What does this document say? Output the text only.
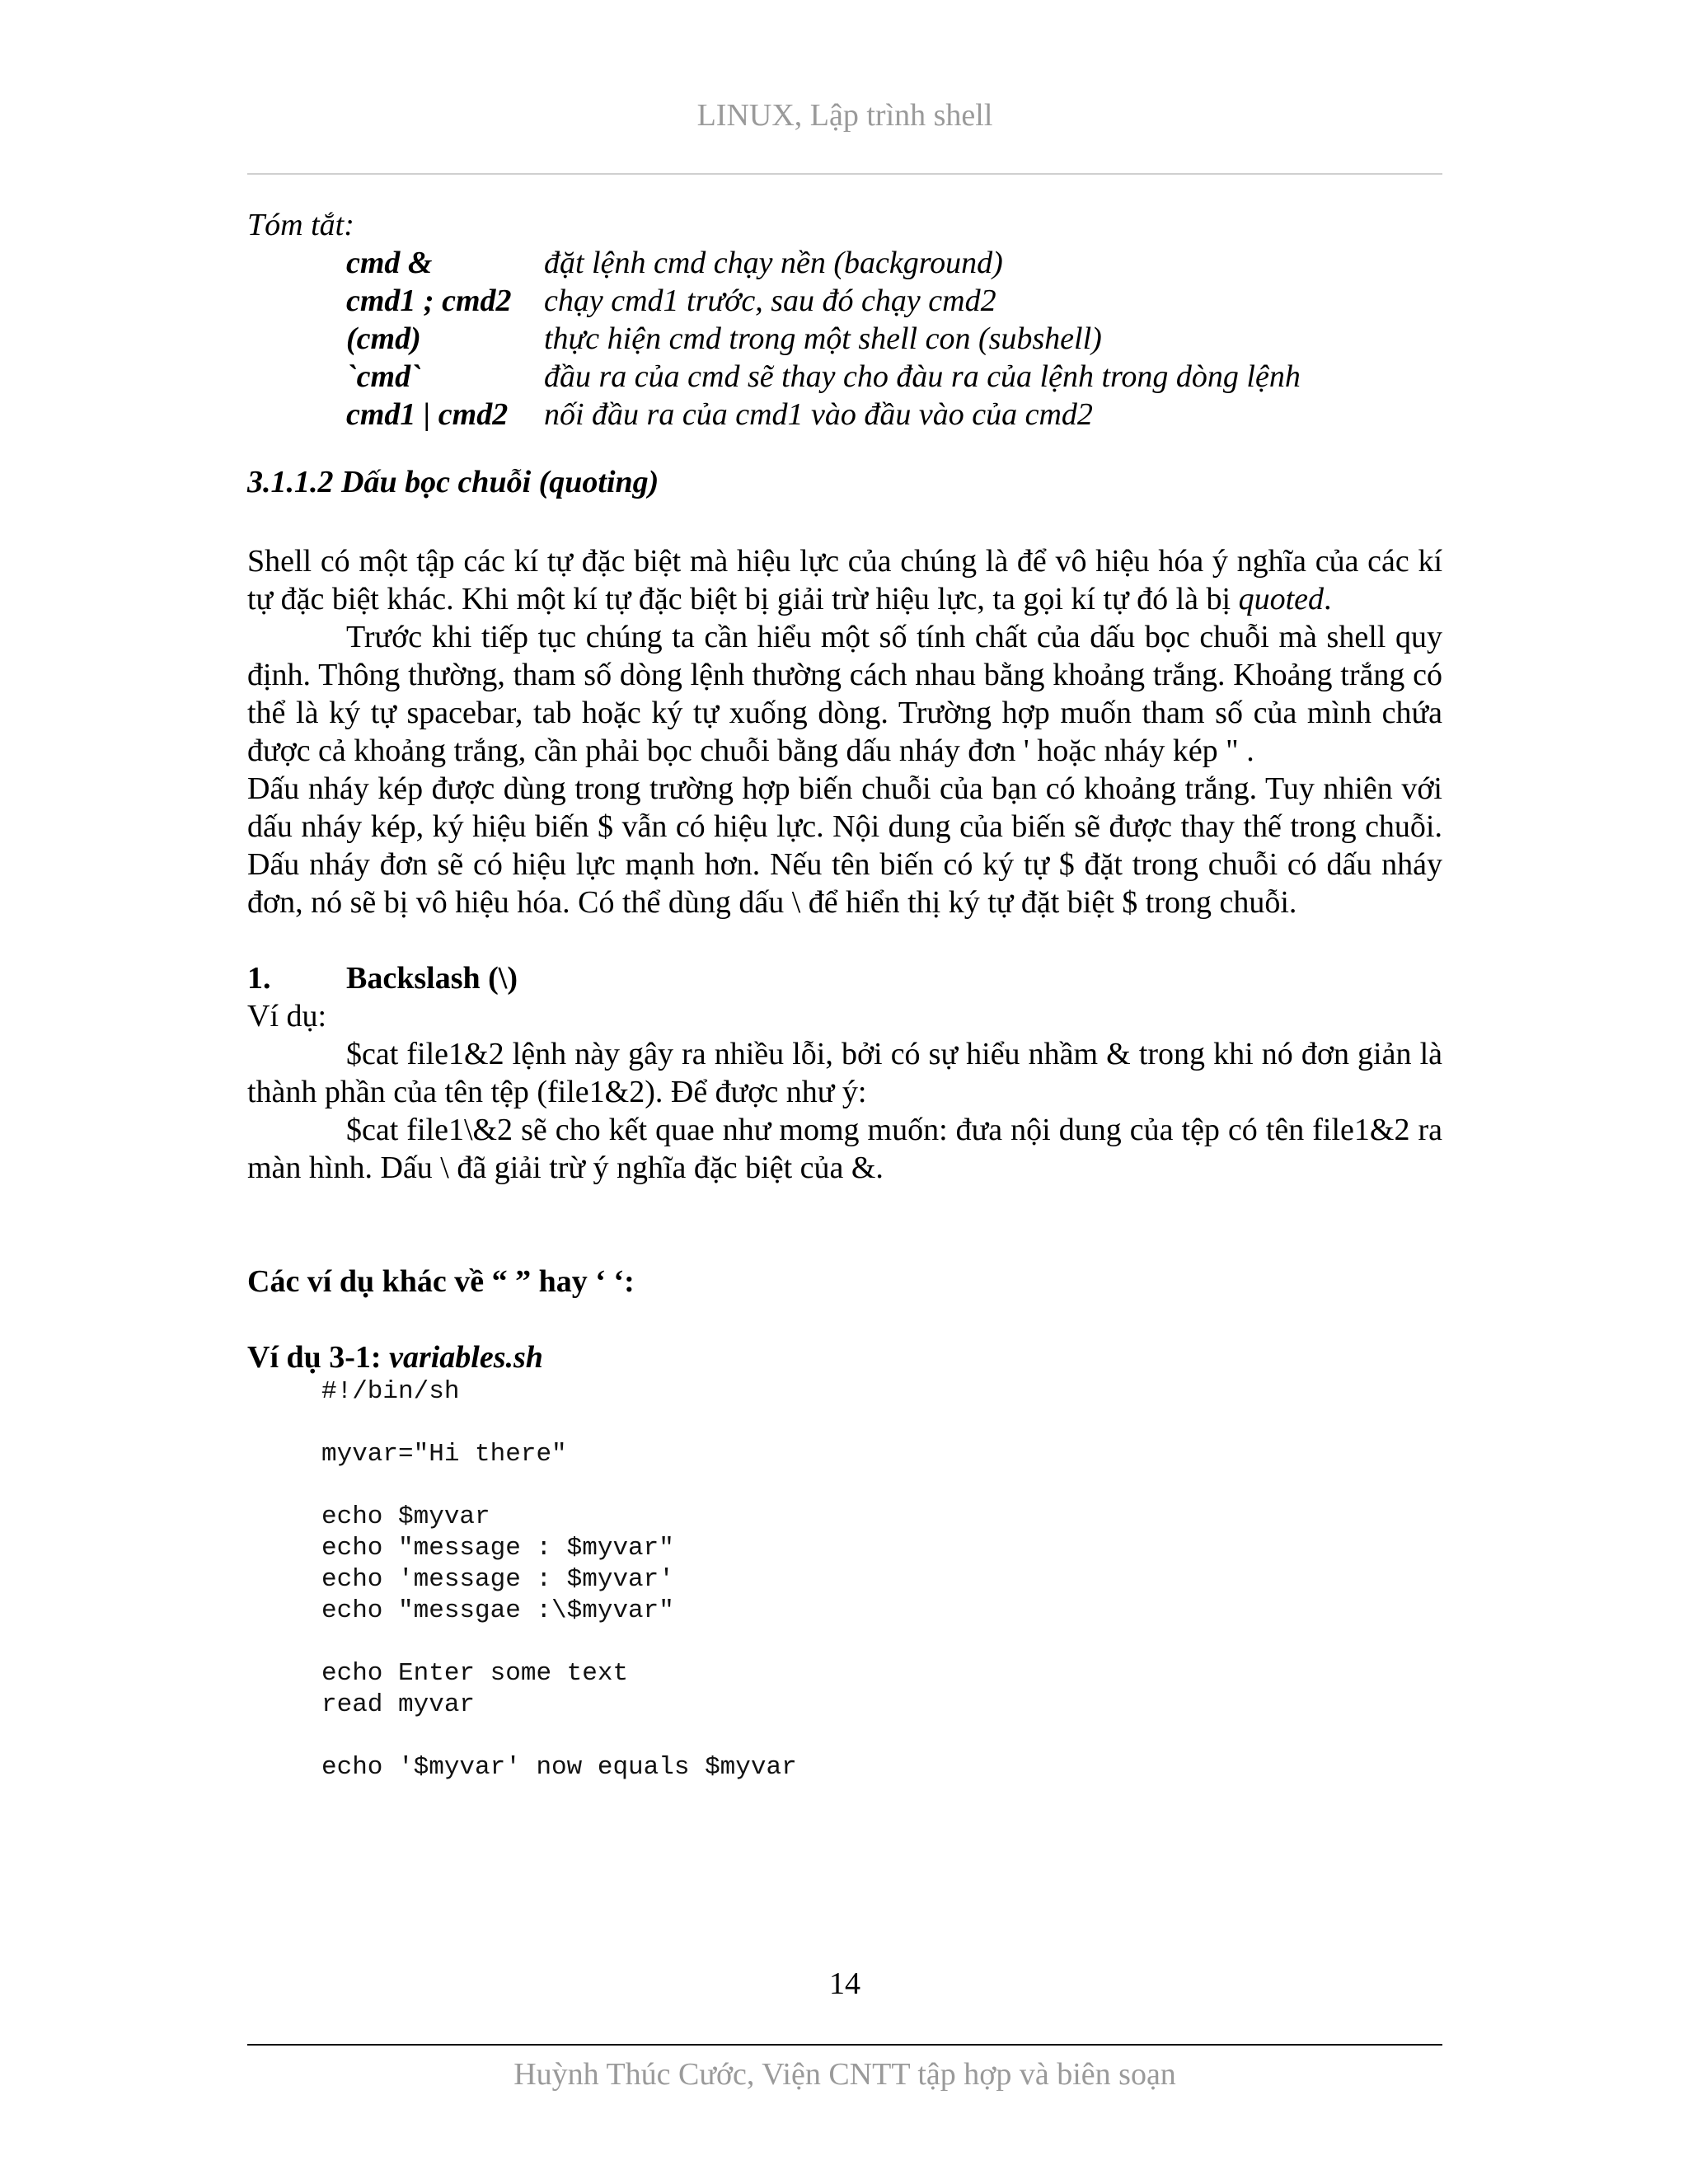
LINUX, Lập trình shell
Tóm tắt:
cmd &	đặt lệnh cmd chạy nền (background)
cmd1 ; cmd2	chạy cmd1 trước, sau đó chạy cmd2
(cmd)	thực hiện cmd trong một shell con (subshell)
`cmd`	đầu ra của cmd sẽ thay cho đàu ra của lệnh trong dòng lệnh
cmd1 | cmd2	nối đầu ra của cmd1 vào đầu vào của cmd2
3.1.1.2 Dấu bọc chuỗi (quoting)

Shell có một tập các kí tự đặc biệt mà hiệu lực của chúng là để vô hiệu hóa ý nghĩa của các kí tự đặc biệt khác. Khi một kí tự đặc biệt bị giải trừ hiệu lực, ta gọi kí tự đó là bị quoted.

Trước khi tiếp tục chúng ta cần hiểu một số tính chất của dấu bọc chuỗi mà shell quy định. Thông thường, tham số dòng lệnh thường cách nhau bằng khoảng trắng. Khoảng trắng có thể là ký tự spacebar, tab hoặc ký tự xuống dòng. Trường hợp muốn tham số của mình chứa được cả khoảng trắng, cần phải bọc chuỗi bằng dấu nháy đơn ' hoặc nháy kép " .

Dấu nháy kép được dùng trong trường hợp biến chuỗi của bạn có khoảng trắng. Tuy nhiên với dấu nháy kép, ký hiệu biến $ vẫn có hiệu lực. Nội dung của biến sẽ được thay thế trong chuỗi. Dấu nháy đơn sẽ có hiệu lực mạnh hơn. Nếu tên biến có ký tự $ đặt trong chuỗi có dấu nháy đơn, nó sẽ bị vô hiệu hóa. Có thể dùng dấu \ để hiển thị ký tự đặt biệt $ trong chuỗi.

1.	Backslash (\)
Ví dụ:

$cat file1&2 lệnh này gây ra nhiều lỗi, bởi có sự hiểu nhầm & trong khi nó đơn giản là thành phần của tên tệp (file1&2). Để được như ý:

$cat file1\&2 sẽ cho kết quae như momg muốn: đưa nội dung của tệp có tên file1&2 ra màn hình. Dấu \ đã giải trừ ý nghĩa đặc biệt của &.

Các ví dụ khác về “ ” hay ‘ ‘:
Ví dụ 3-1: variables.sh
#!/bin/sh

myvar="Hi there"

echo $myvar
echo "message : $myvar"
echo 'message : $myvar'
echo "messgae :\$myvar"

echo Enter some text
read myvar

echo '$myvar' now equals $myvar
14
Huỳnh Thúc Cước, Viện CNTT tập hợp và biên soạn
